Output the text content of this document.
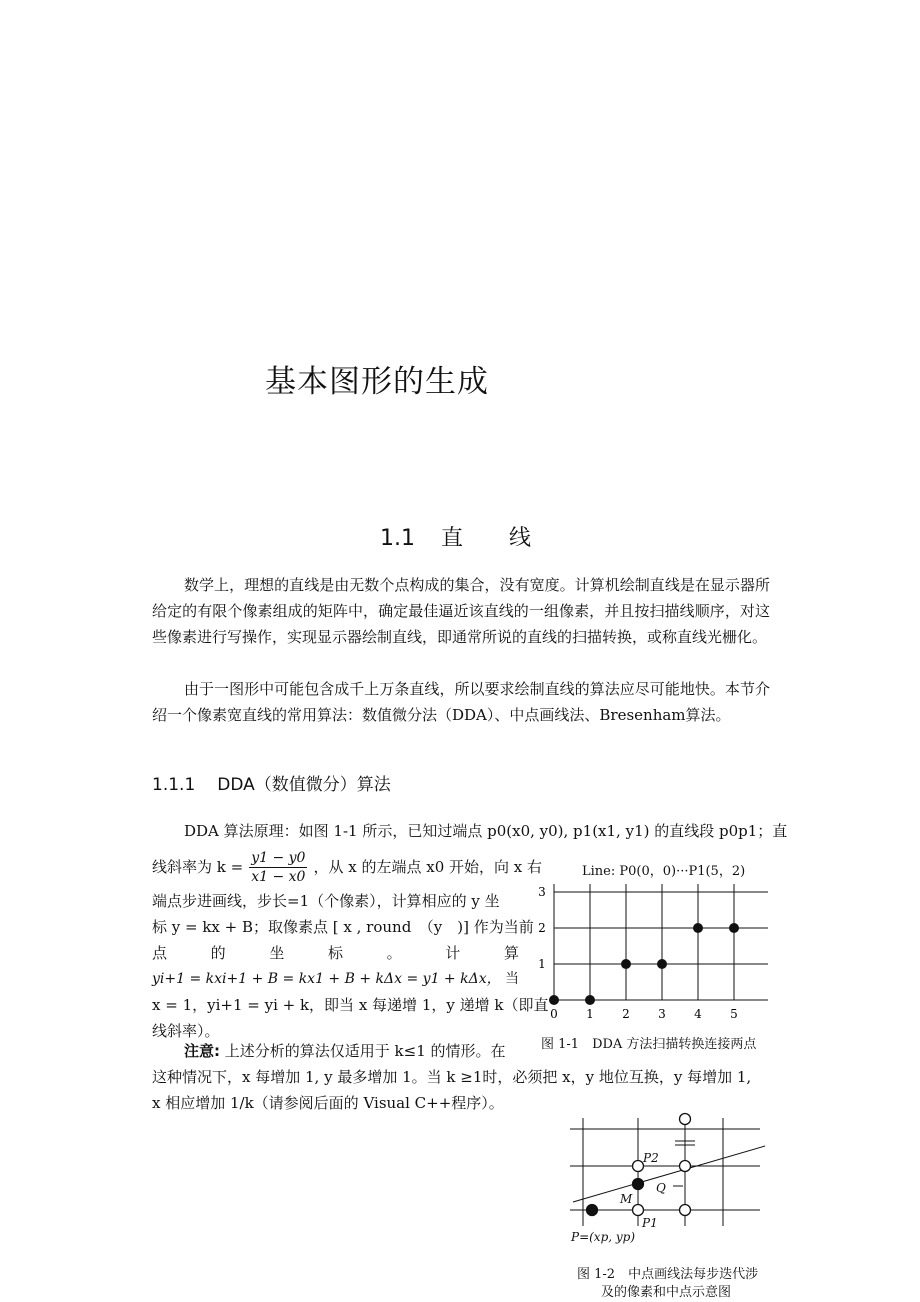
基本图形的生成
1.1 直 线
数学上，理想的直线是由无数个点构成的集合，没有宽度。计算机绘制直线是在显示器所给定的有限个像素组成的矩阵中，确定最佳逼近该直线的一组像素，并且按扫描线顺序，对这些像素进行写操作，实现显示器绘制直线，即通常所说的直线的扫描转换，或称直线光栅化。
由于一图形中可能包含成千上万条直线，所以要求绘制直线的算法应尽可能地快。本节介绍一个像素宽直线的常用算法：数值微分法（DDA）、中点画线法、Bresenham算法。
1.1.1 DDA（数值微分）算法
DDA 算法原理：如图 1-1 所示，已知过端点 p0(x0, y0), p1(x1, y1) 的直线段 p0p1；直
线斜率为 $k = \frac{y1 - y0}{x1 - x0}$ ，从 x 的左端点 x0 开始，向 x 右
端点步进画线，步长=1（个像素），计算相应的 y 坐
标 y = kx + B；取像素点 [ x , round　（y　)] 作为当前
点	的	坐	标	。	计	算
yi+1 = kxi+1 + B = kx1 + B + kΔx = y1 + kΔx， 当
x = 1，yi+1 = yi + k，即当 x 每递增 1，y 递增 k（即直
线斜率）。
注意: 上述分析的算法仅适用于 k≤1 的情形。在
这种情况下，x 每增加 1, y 最多增加 1。当 k ≥1时，必须把 x，y 地位互换，y 每增加 1,
x 相应增加 1/k（请参阅后面的 Visual C++程序）。
Line: P0(0，0)···P1(5，2)
0 1 2 3 4 5
1
2
3
图 1-1　DDA 方法扫描转换连接两点
P2
Q
M
P1
P=(xp, yp)
图 1-2　中点画线法每步迭代涉
及的像素和中点示意图
